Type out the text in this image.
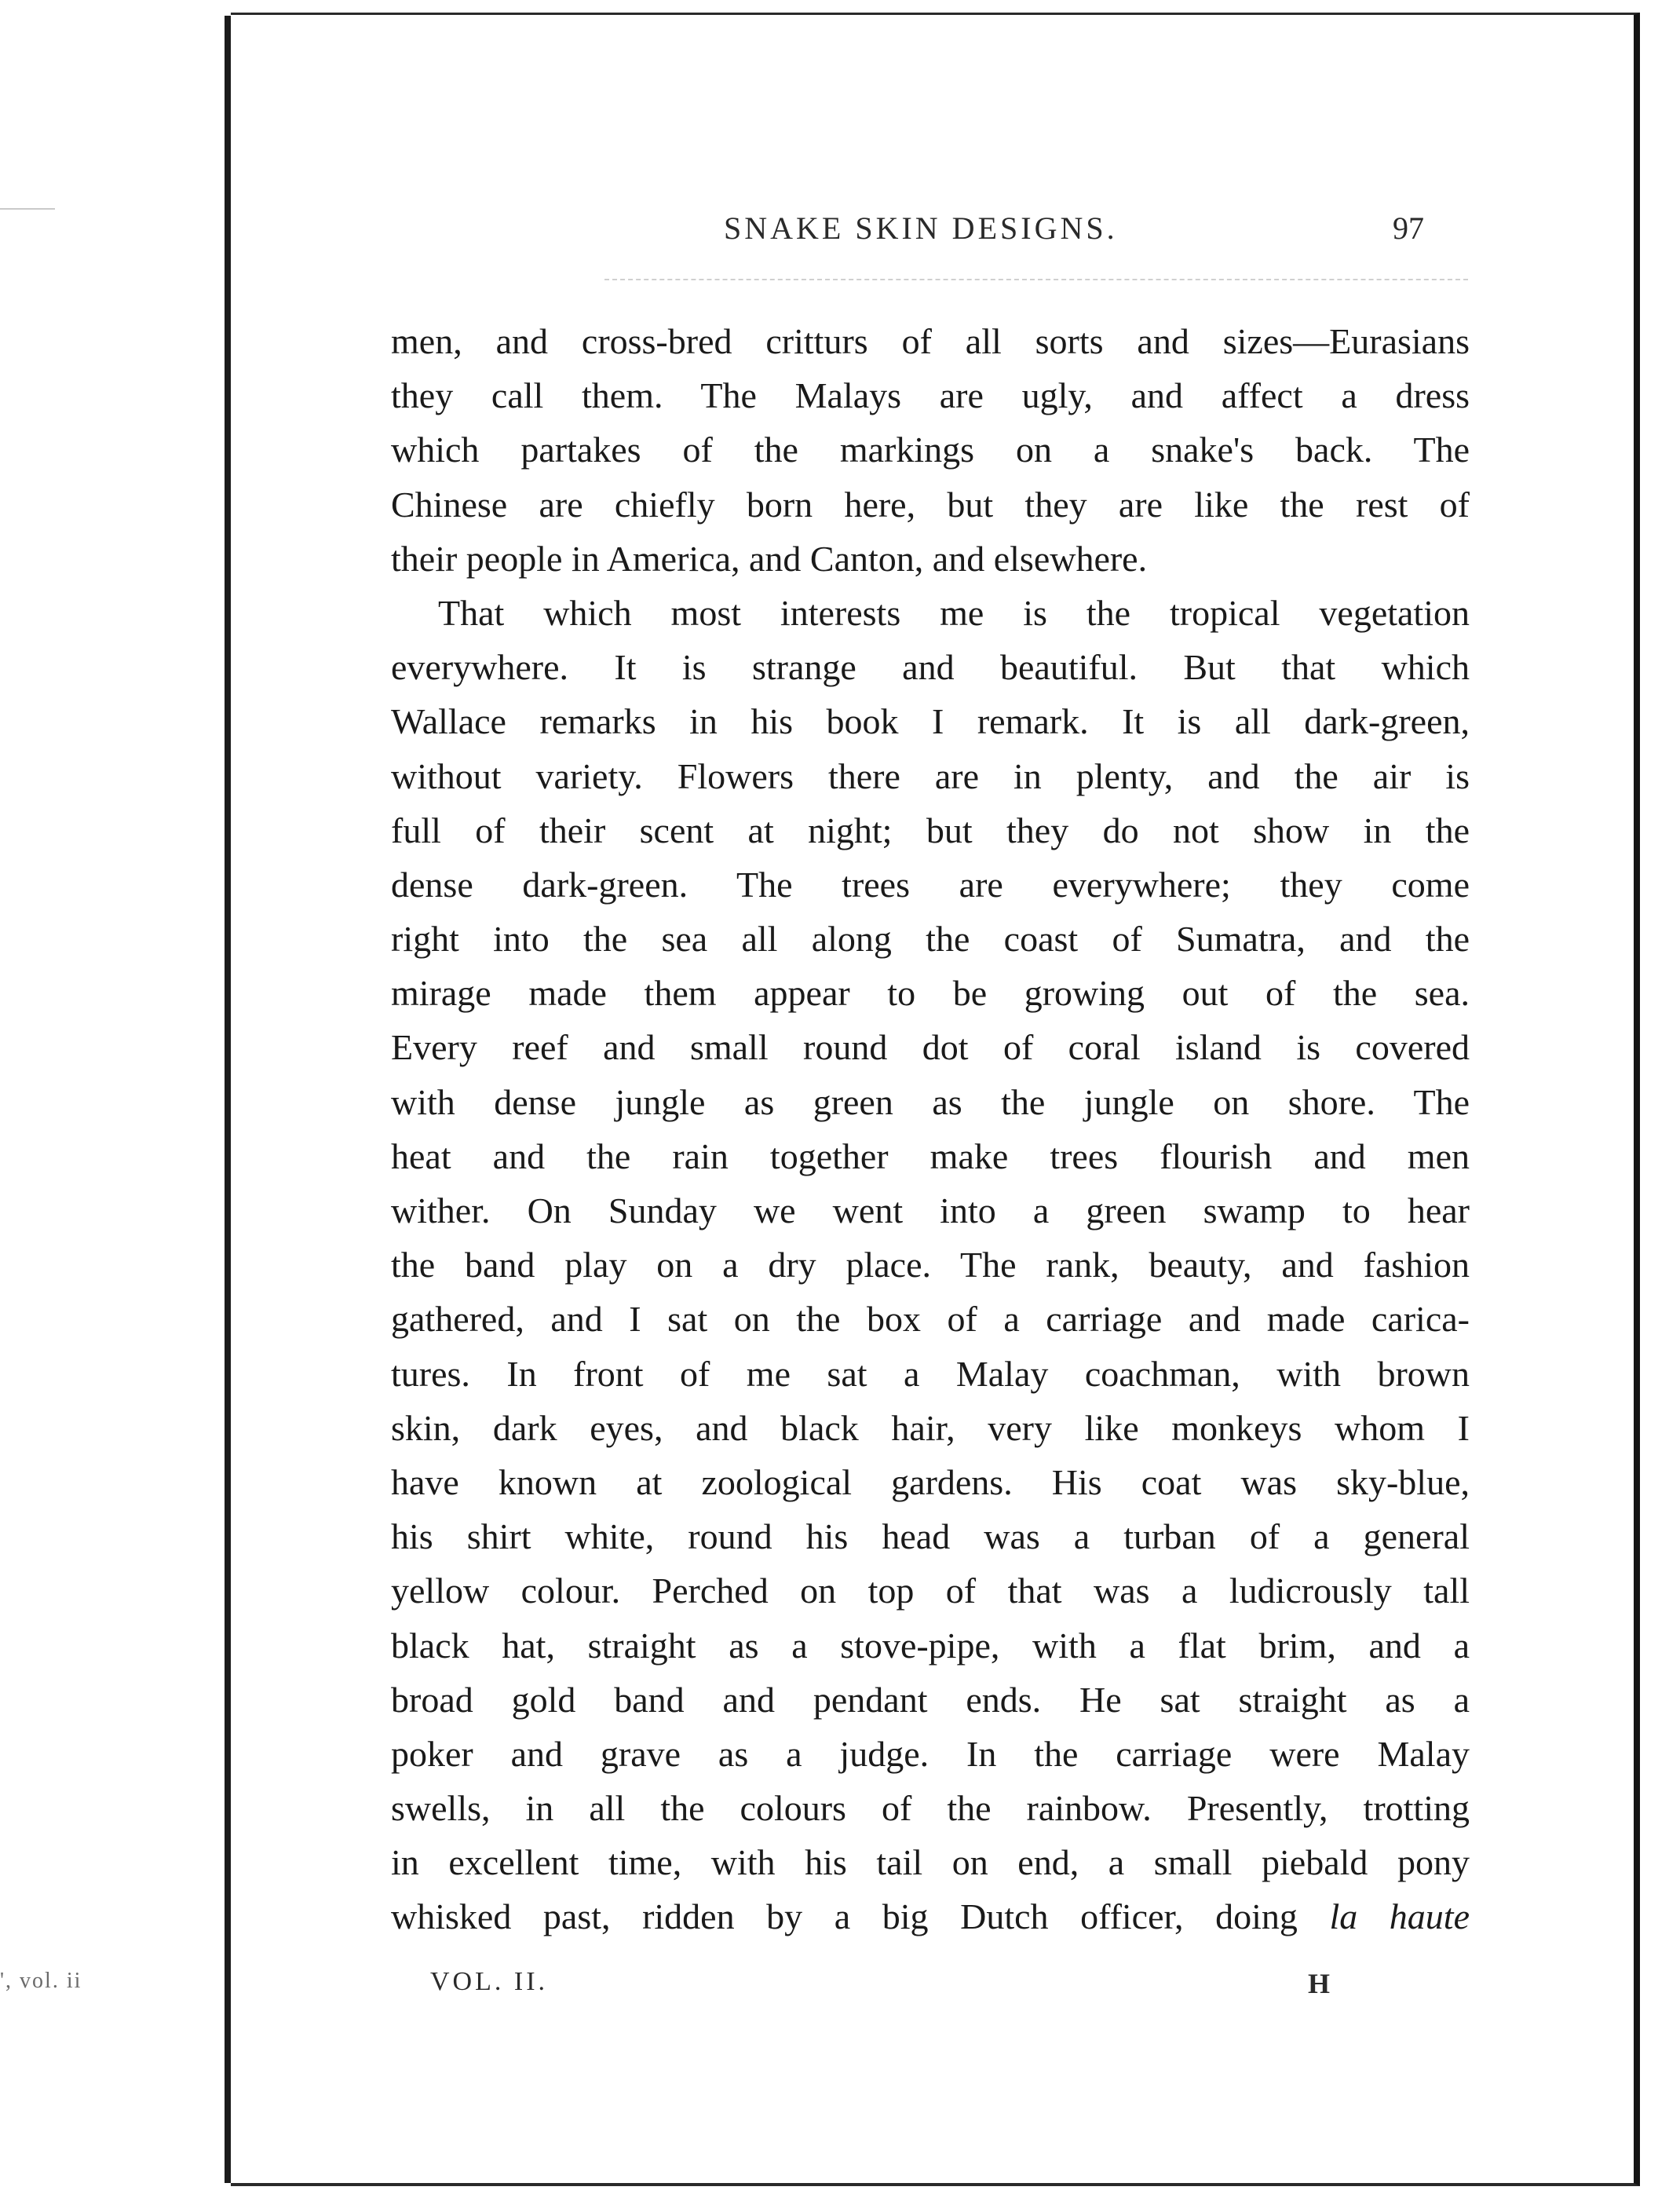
', vol. ii
SNAKE SKIN DESIGNS.	97
men, and cross-bred critturs of all sorts and sizes—Eurasians
they call them. The Malays are ugly, and affect a dress
which partakes of the markings on a snake's back. The
Chinese are chiefly born here, but they are like the rest of
their people in America, and Canton, and elsewhere.
That which most interests me is the tropical vegetation
everywhere. It is strange and beautiful. But that which
Wallace remarks in his book I remark. It is all dark-green,
without variety. Flowers there are in plenty, and the air is
full of their scent at night; but they do not show in the
dense dark-green. The trees are everywhere; they come
right into the sea all along the coast of Sumatra, and the
mirage made them appear to be growing out of the sea.
Every reef and small round dot of coral island is covered
with dense jungle as green as the jungle on shore. The
heat and the rain together make trees flourish and men
wither. On Sunday we went into a green swamp to hear
the band play on a dry place. The rank, beauty, and fashion
gathered, and I sat on the box of a carriage and made carica-
tures. In front of me sat a Malay coachman, with brown
skin, dark eyes, and black hair, very like monkeys whom I
have known at zoological gardens. His coat was sky-blue,
his shirt white, round his head was a turban of a general
yellow colour. Perched on top of that was a ludicrously tall
black hat, straight as a stove-pipe, with a flat brim, and a
broad gold band and pendant ends. He sat straight as a
poker and grave as a judge. In the carriage were Malay
swells, in all the colours of the rainbow. Presently, trotting
in excellent time, with his tail on end, a small piebald pony
whisked past, ridden by a big Dutch officer, doing la haute
VOL. II.	H
